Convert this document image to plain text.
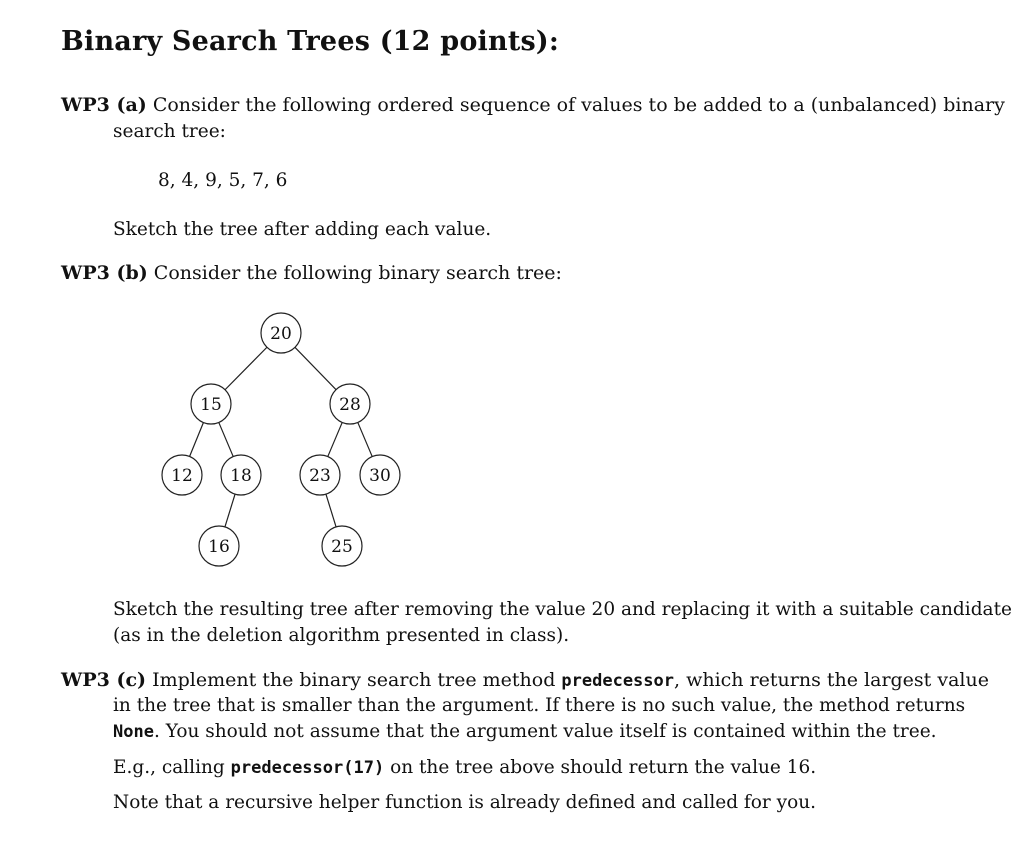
Binary Search Trees (12 points):
WP3 (a) Consider the following ordered sequence of values to be added to a (unbalanced) binary
search tree:
8, 4, 9, 5, 7, 6
Sketch the tree after adding each value.
WP3 (b) Consider the following binary search tree:
20
15	28
12 18	23 30
16	25
Sketch the resulting tree after removing the value 20 and replacing it with a suitable candidate
(as in the deletion algorithm presented in class).
WP3 (c) Implement the binary search tree method predecessor, which returns the largest value
in the tree that is smaller than the argument. If there is no such value, the method returns
None. You should not assume that the argument value itself is contained within the tree.
E.g., calling predecessor(17) on the tree above should return the value 16.
Note that a recursive helper function is already defined and called for you.
